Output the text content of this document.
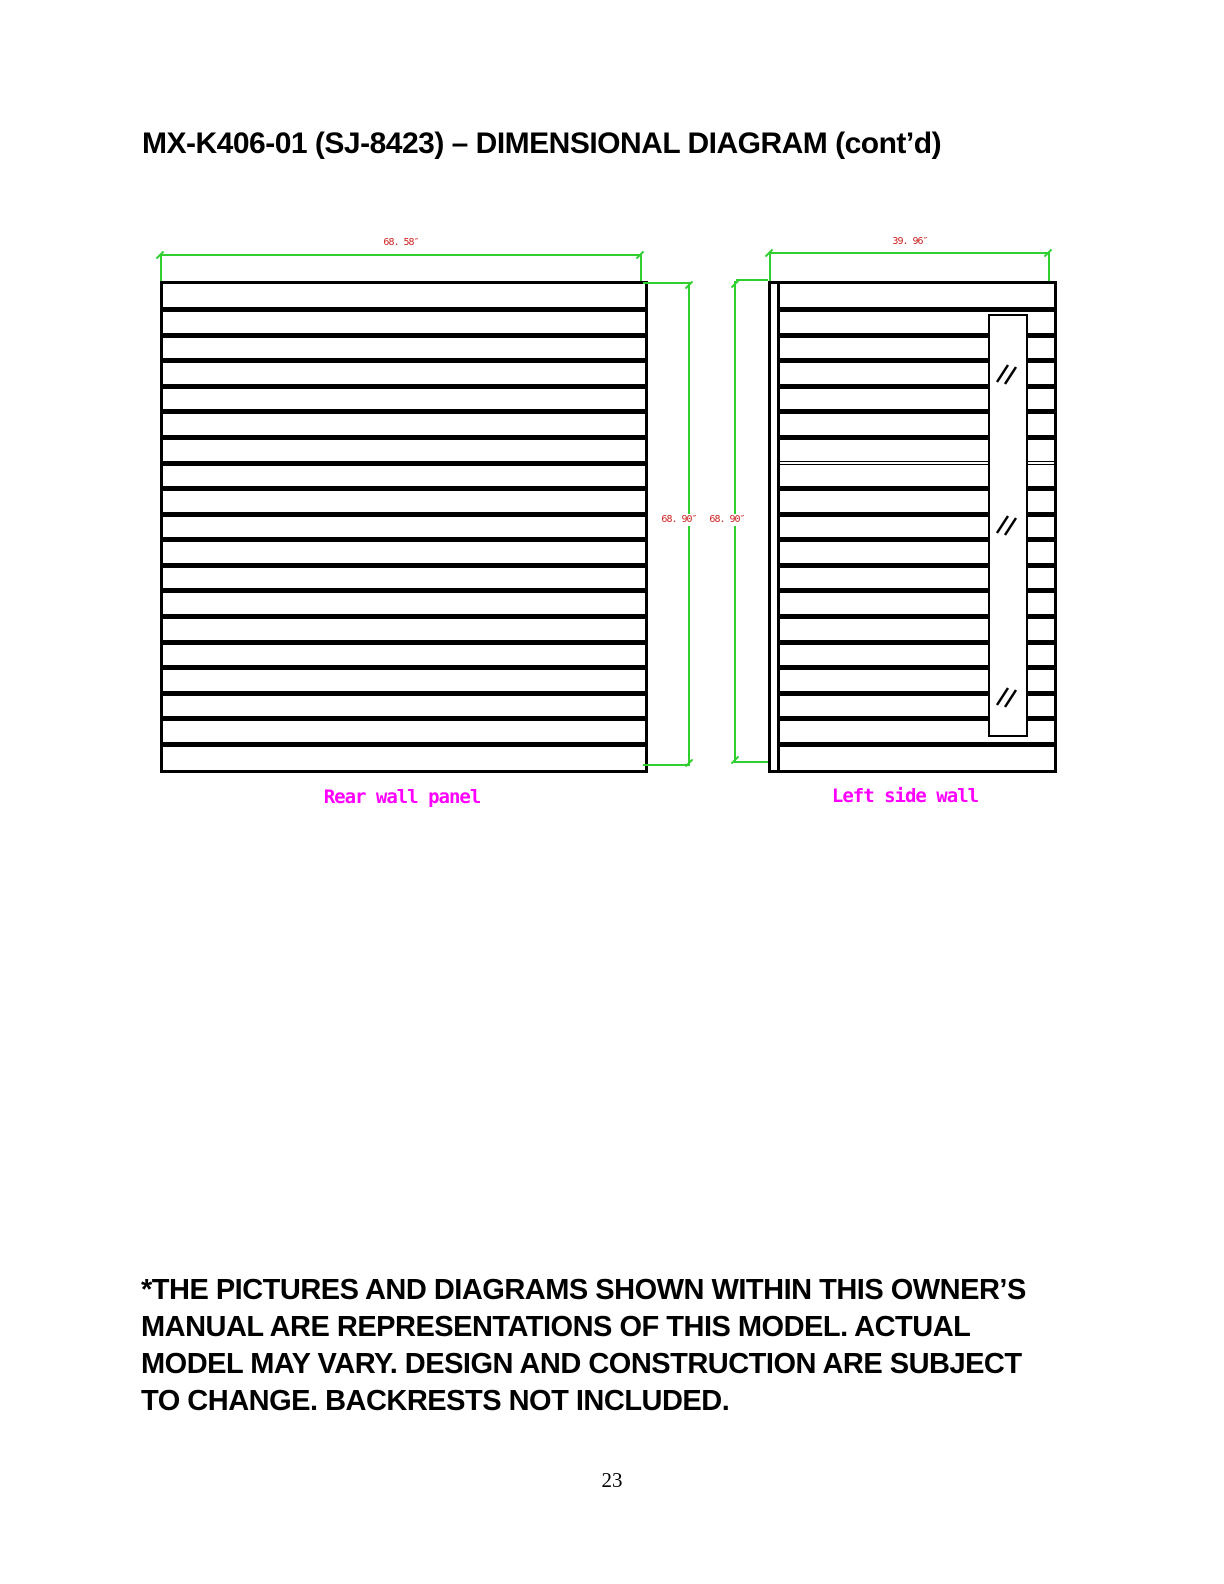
MX-K406-01 (SJ-8423) – DIMENSIONAL DIAGRAM (cont’d)
68. 58″
68. 90″
Rear wall panel
39. 96″
68. 90″
Left side wall
*THE PICTURES AND DIAGRAMS SHOWN WITHIN THIS OWNER’S
MANUAL ARE REPRESENTATIONS OF THIS MODEL. ACTUAL
MODEL MAY VARY. DESIGN AND CONSTRUCTION ARE SUBJECT
TO CHANGE. BACKRESTS NOT INCLUDED.
23
